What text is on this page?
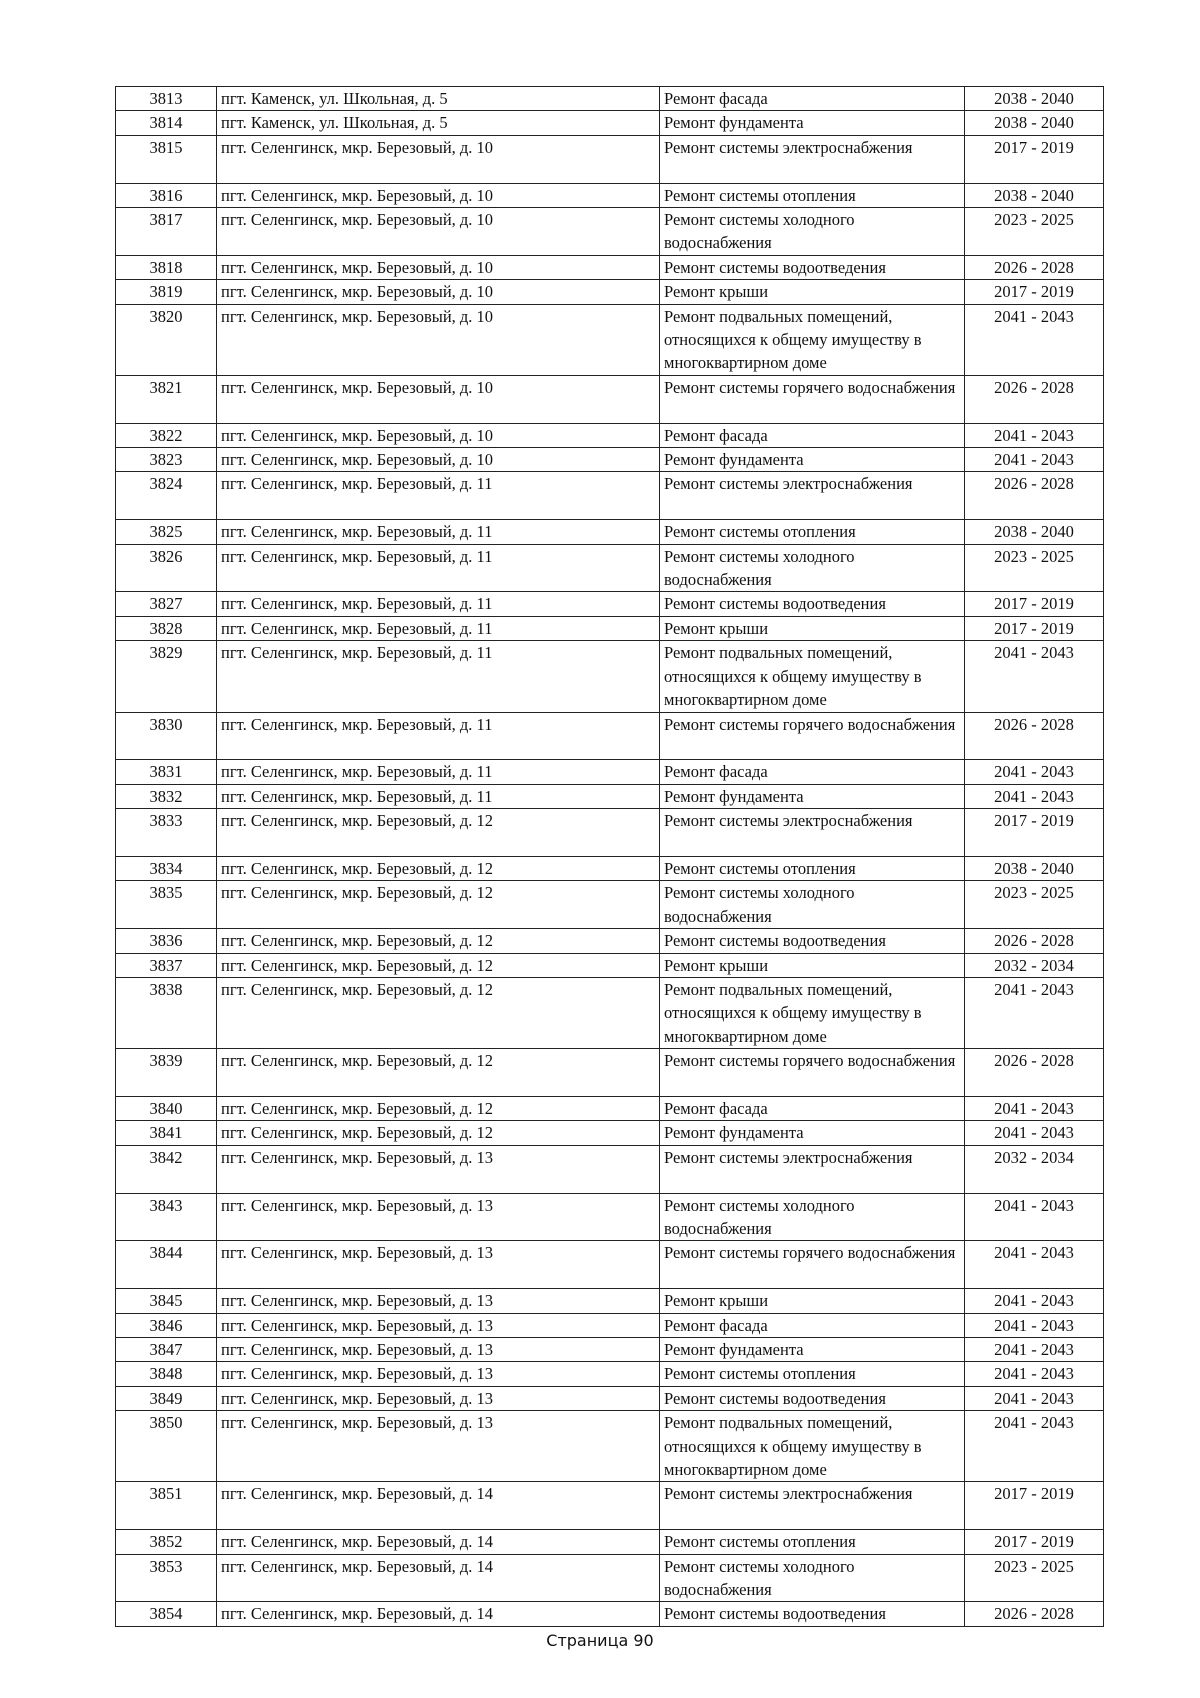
3813	пгт. Каменск, ул. Школьная, д. 5	Ремонт фасада	2038 - 2040
3814	пгт. Каменск, ул. Школьная, д. 5	Ремонт фундамента	2038 - 2040
3815	пгт. Селенгинск, мкр. Березовый, д. 10	Ремонт системы электроснабжения	2017 - 2019
3816	пгт. Селенгинск, мкр. Березовый, д. 10	Ремонт системы отопления	2038 - 2040
3817	пгт. Селенгинск, мкр. Березовый, д. 10	Ремонт системы холодного водоснабжения	2023 - 2025
3818	пгт. Селенгинск, мкр. Березовый, д. 10	Ремонт системы водоотведения	2026 - 2028
3819	пгт. Селенгинск, мкр. Березовый, д. 10	Ремонт крыши	2017 - 2019
3820	пгт. Селенгинск, мкр. Березовый, д. 10	Ремонт подвальных помещений, относящихся к общему имуществу в многоквартирном доме	2041 - 2043
3821	пгт. Селенгинск, мкр. Березовый, д. 10	Ремонт системы горячего водоснабжения	2026 - 2028
3822	пгт. Селенгинск, мкр. Березовый, д. 10	Ремонт фасада	2041 - 2043
3823	пгт. Селенгинск, мкр. Березовый, д. 10	Ремонт фундамента	2041 - 2043
3824	пгт. Селенгинск, мкр. Березовый, д. 11	Ремонт системы электроснабжения	2026 - 2028
3825	пгт. Селенгинск, мкр. Березовый, д. 11	Ремонт системы отопления	2038 - 2040
3826	пгт. Селенгинск, мкр. Березовый, д. 11	Ремонт системы холодного водоснабжения	2023 - 2025
3827	пгт. Селенгинск, мкр. Березовый, д. 11	Ремонт системы водоотведения	2017 - 2019
3828	пгт. Селенгинск, мкр. Березовый, д. 11	Ремонт крыши	2017 - 2019
3829	пгт. Селенгинск, мкр. Березовый, д. 11	Ремонт подвальных помещений, относящихся к общему имуществу в многоквартирном доме	2041 - 2043
3830	пгт. Селенгинск, мкр. Березовый, д. 11	Ремонт системы горячего водоснабжения	2026 - 2028
3831	пгт. Селенгинск, мкр. Березовый, д. 11	Ремонт фасада	2041 - 2043
3832	пгт. Селенгинск, мкр. Березовый, д. 11	Ремонт фундамента	2041 - 2043
3833	пгт. Селенгинск, мкр. Березовый, д. 12	Ремонт системы электроснабжения	2017 - 2019
3834	пгт. Селенгинск, мкр. Березовый, д. 12	Ремонт системы отопления	2038 - 2040
3835	пгт. Селенгинск, мкр. Березовый, д. 12	Ремонт системы холодного водоснабжения	2023 - 2025
3836	пгт. Селенгинск, мкр. Березовый, д. 12	Ремонт системы водоотведения	2026 - 2028
3837	пгт. Селенгинск, мкр. Березовый, д. 12	Ремонт крыши	2032 - 2034
3838	пгт. Селенгинск, мкр. Березовый, д. 12	Ремонт подвальных помещений, относящихся к общему имуществу в многоквартирном доме	2041 - 2043
3839	пгт. Селенгинск, мкр. Березовый, д. 12	Ремонт системы горячего водоснабжения	2026 - 2028
3840	пгт. Селенгинск, мкр. Березовый, д. 12	Ремонт фасада	2041 - 2043
3841	пгт. Селенгинск, мкр. Березовый, д. 12	Ремонт фундамента	2041 - 2043
3842	пгт. Селенгинск, мкр. Березовый, д. 13	Ремонт системы электроснабжения	2032 - 2034
3843	пгт. Селенгинск, мкр. Березовый, д. 13	Ремонт системы холодного водоснабжения	2041 - 2043
3844	пгт. Селенгинск, мкр. Березовый, д. 13	Ремонт системы горячего водоснабжения	2041 - 2043
3845	пгт. Селенгинск, мкр. Березовый, д. 13	Ремонт крыши	2041 - 2043
3846	пгт. Селенгинск, мкр. Березовый, д. 13	Ремонт фасада	2041 - 2043
3847	пгт. Селенгинск, мкр. Березовый, д. 13	Ремонт фундамента	2041 - 2043
3848	пгт. Селенгинск, мкр. Березовый, д. 13	Ремонт системы отопления	2041 - 2043
3849	пгт. Селенгинск, мкр. Березовый, д. 13	Ремонт системы водоотведения	2041 - 2043
3850	пгт. Селенгинск, мкр. Березовый, д. 13	Ремонт подвальных помещений, относящихся к общему имуществу в многоквартирном доме	2041 - 2043
3851	пгт. Селенгинск, мкр. Березовый, д. 14	Ремонт системы электроснабжения	2017 - 2019
3852	пгт. Селенгинск, мкр. Березовый, д. 14	Ремонт системы отопления	2017 - 2019
3853	пгт. Селенгинск, мкр. Березовый, д. 14	Ремонт системы холодного водоснабжения	2023 - 2025
3854	пгт. Селенгинск, мкр. Березовый, д. 14	Ремонт системы водоотведения	2026 - 2028
Страница 90
